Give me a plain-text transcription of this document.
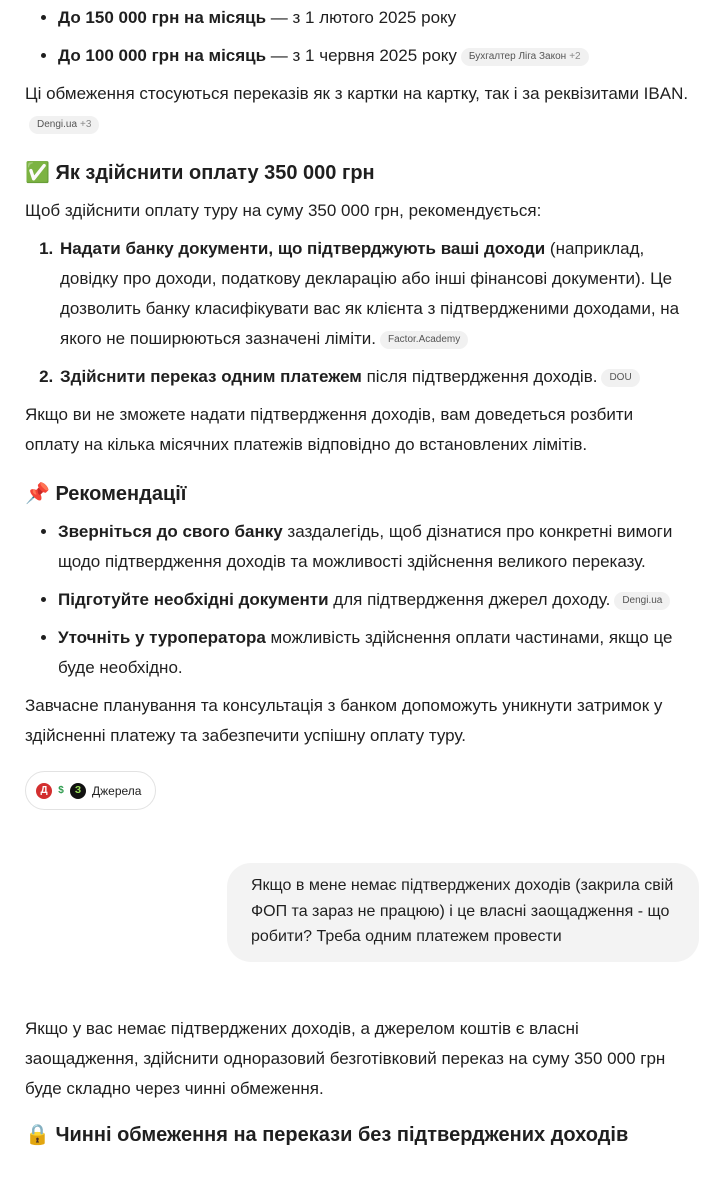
• До 150 000 грн на місяць — з 1 лютого 2025 року
• До 100 000 грн на місяць — з 1 червня 2025 року Бухгалтер Ліга Закон +2

Ці обмеження стосуються переказів як з картки на картку, так і за реквізитами IBAN.Dengi.ua +3

✅ Як здійснити оплату 350 000 грн

Щоб здійснити оплату туру на суму 350 000 грн, рекомендується:

1. Надати банку документи, що підтверджують ваші доходи (наприклад, довідку про доходи, податкову декларацію або інші фінансові документи). Це дозволить банку класифікувати вас як клієнта з підтвердженими доходами, на якого не поширюються зазначені ліміти. Factor.Academy
2. Здійснити переказ одним платежем після підтвердження доходів. DOU

Якщо ви не зможете надати підтвердження доходів, вам доведеться розбити оплату на кілька місячних платежів відповідно до встановлених лімітів.

📌 Рекомендації
• Зверніться до свого банку заздалегідь, щоб дізнатися про конкретні вимоги щодо підтвердження доходів та можливості здійснення великого переказу.
• Підготуйте необхідні документи для підтвердження джерел доходу. Dengi.ua
• Уточніть у туроператора можливість здійснення оплати частинами, якщо це буде необхідно.

Завчасне планування та консультація з банком допоможуть уникнути затримок у здійсненні платежу та забезпечити успішну оплату туру.

Д	$	З Джерела
Якщо в мене немає підтверджених доходів (закрила свій ФОП та зараз не працюю) і це власні заощадження - що робити? Треба одним платежем провести

Якщо у вас немає підтверджених доходів, а джерелом коштів є власні заощадження, здійснити одноразовий безготівковий переказ на суму 350 000 грн буде складно через чинні обмеження.

🔒 Чинні обмеження на перекази без підтверджених доходів
